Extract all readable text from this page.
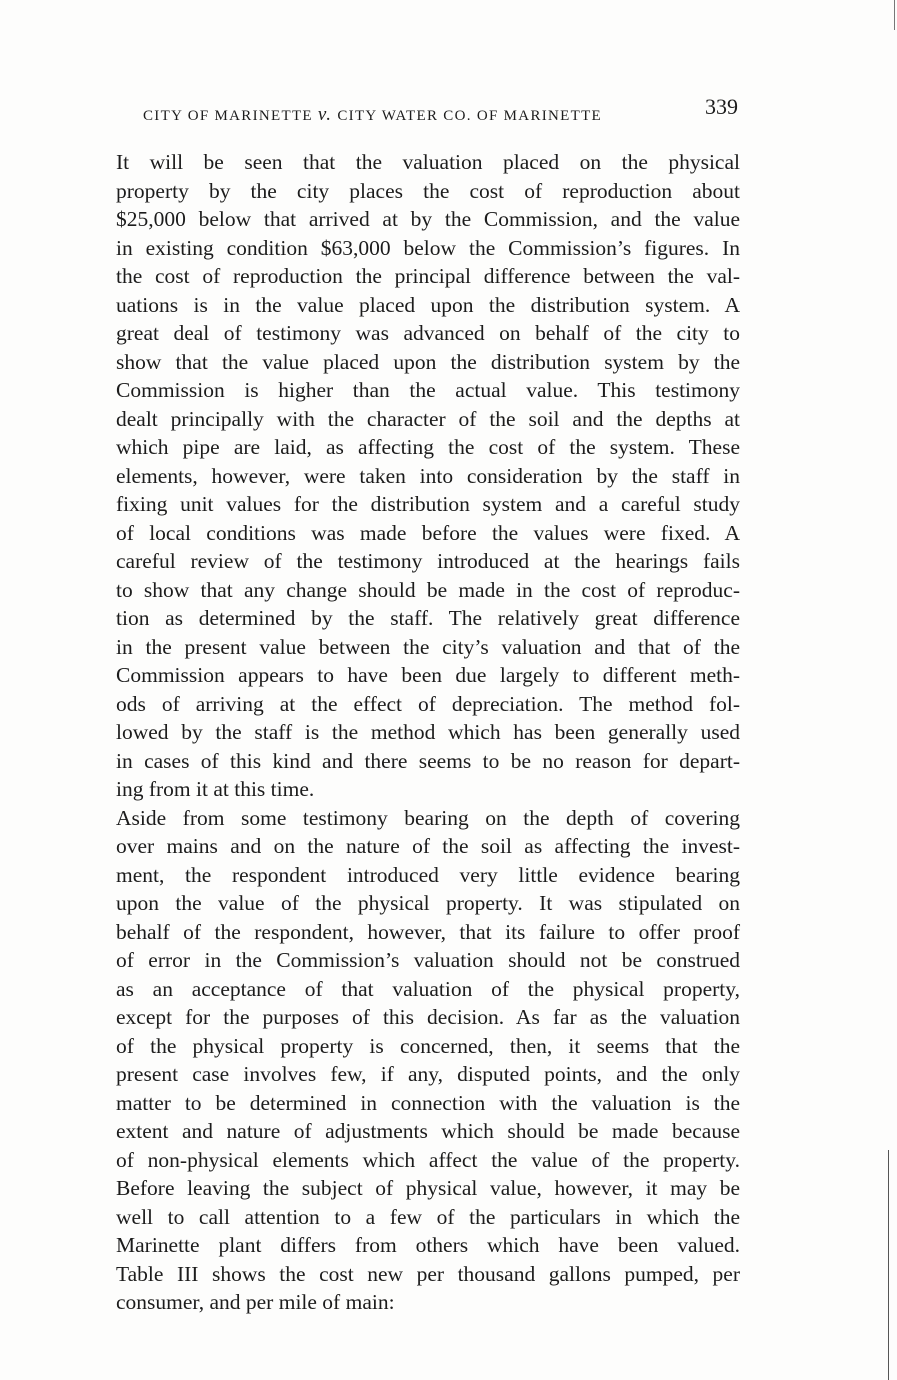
CITY OF MARINETTE v. CITY WATER CO. OF MARINETTE	339
It will be seen that the valuation placed on the physical
property by the city places the cost of reproduction about
$25,000 below that arrived at by the Commission, and the value
in existing condition $63,000 below the Commission’s figures. In
the cost of reproduction the principal difference between the val-
uations is in the value placed upon the distribution system. A
great deal of testimony was advanced on behalf of the city to
show that the value placed upon the distribution system by the
Commission is higher than the actual value. This testimony
dealt principally with the character of the soil and the depths at
which pipe are laid, as affecting the cost of the system. These
elements, however, were taken into consideration by the staff in
fixing unit values for the distribution system and a careful study
of local conditions was made before the values were fixed. A
careful review of the testimony introduced at the hearings fails
to show that any change should be made in the cost of reproduc-
tion as determined by the staff. The relatively great difference
in the present value between the city’s valuation and that of the
Commission appears to have been due largely to different meth-
ods of arriving at the effect of depreciation. The method fol-
lowed by the staff is the method which has been generally used
in cases of this kind and there seems to be no reason for depart-
ing from it at this time.
Aside from some testimony bearing on the depth of covering
over mains and on the nature of the soil as affecting the invest-
ment, the respondent introduced very little evidence bearing
upon the value of the physical property. It was stipulated on
behalf of the respondent, however, that its failure to offer proof
of error in the Commission’s valuation should not be construed
as an acceptance of that valuation of the physical property,
except for the purposes of this decision. As far as the valuation
of the physical property is concerned, then, it seems that the
present case involves few, if any, disputed points, and the only
matter to be determined in connection with the valuation is the
extent and nature of adjustments which should be made because
of non-physical elements which affect the value of the property.
Before leaving the subject of physical value, however, it may be
well to call attention to a few of the particulars in which the
Marinette plant differs from others which have been valued.
Table III shows the cost new per thousand gallons pumped, per
consumer, and per mile of main:
